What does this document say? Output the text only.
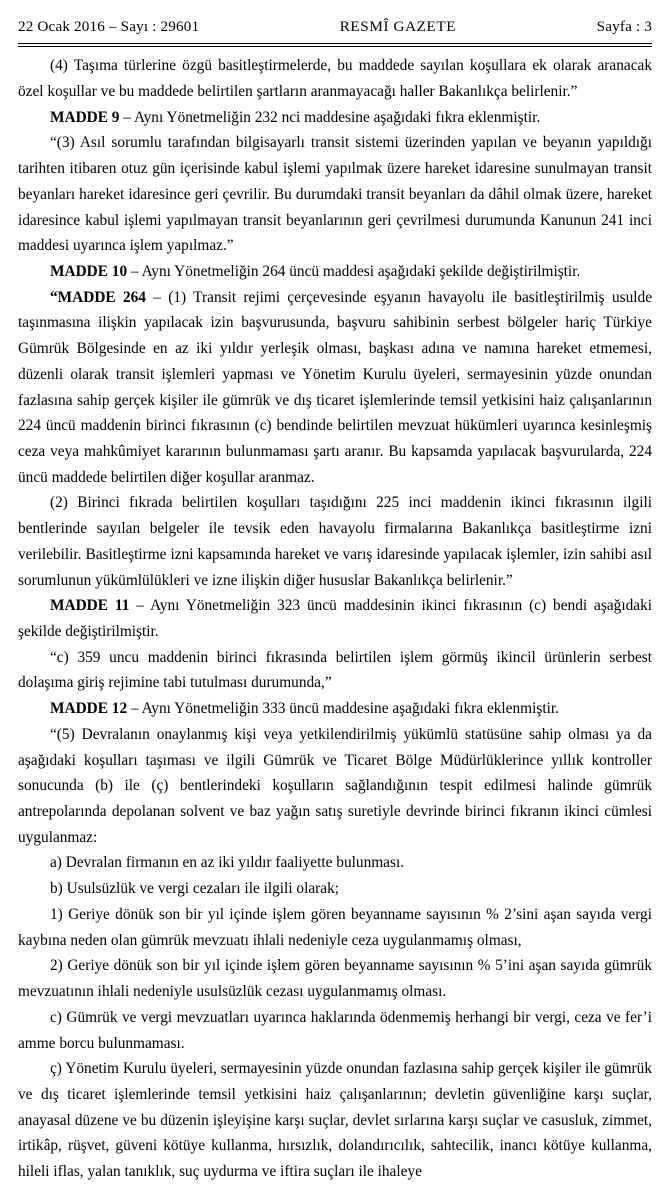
22 Ocak 2016 – Sayı : 29601	RESMÎ GAZETE	Sayfa : 3

(4) Taşıma türlerine özgü basitleştirmelerde, bu maddede sayılan koşullara ek olarak aranacak özel koşullar ve bu maddede belirtilen şartların aranmayacağı haller Bakanlıkça belirlenir.”

MADDE 9 – Aynı Yönetmeliğin 232 nci maddesine aşağıdaki fıkra eklenmiştir.

“(3) Asıl sorumlu tarafından bilgisayarlı transit sistemi üzerinden yapılan ve beyanın yapıldığı tarihten itibaren otuz gün içerisinde kabul işlemi yapılmak üzere hareket idaresine sunulmayan transit beyanları hareket idaresince geri çevrilir. Bu durumdaki transit beyanları da dâhil olmak üzere, hareket idaresince kabul işlemi yapılmayan transit beyanlarının geri çevrilmesi durumunda Kanunun 241 inci maddesi uyarınca işlem yapılmaz.”

MADDE 10 – Aynı Yönetmeliğin 264 üncü maddesi aşağıdaki şekilde değiştirilmiştir.

“MADDE 264 – (1) Transit rejimi çerçevesinde eşyanın havayolu ile basitleştirilmiş usulde taşınmasına ilişkin yapılacak izin başvurusunda, başvuru sahibinin serbest bölgeler hariç Türkiye Gümrük Bölgesinde en az iki yıldır yerleşik olması, başkası adına ve namına hareket etmemesi, düzenli olarak transit işlemleri yapması ve Yönetim Kurulu üyeleri, sermayesinin yüzde onundan fazlasına sahip gerçek kişiler ile gümrük ve dış ticaret işlemlerinde temsil yetkisini haiz çalışanlarının 224 üncü maddenin birinci fıkrasının (c) bendinde belirtilen mevzuat hükümleri uyarınca kesinleşmiş ceza veya mahkûmiyet kararının bulunmaması şartı aranır. Bu kapsamda yapılacak başvurularda, 224 üncü maddede belirtilen diğer koşullar aranmaz.

(2) Birinci fıkrada belirtilen koşulları taşıdığını 225 inci maddenin ikinci fıkrasının ilgili bentlerinde sayılan belgeler ile tevsik eden havayolu firmalarına Bakanlıkça basitleştirme izni verilebilir. Basitleştirme izni kapsamında hareket ve varış idaresinde yapılacak işlemler, izin sahibi asıl sorumlunun yükümlülükleri ve izne ilişkin diğer hususlar Bakanlıkça belirlenir.”

MADDE 11 – Aynı Yönetmeliğin 323 üncü maddesinin ikinci fıkrasının (c) bendi aşağıdaki şekilde değiştirilmiştir.

“c) 359 uncu maddenin birinci fıkrasında belirtilen işlem görmüş ikincil ürünlerin serbest dolaşıma giriş rejimine tabi tutulması durumunda,”

MADDE 12 – Aynı Yönetmeliğin 333 üncü maddesine aşağıdaki fıkra eklenmiştir.

“(5) Devralanın onaylanmış kişi veya yetkilendirilmiş yükümlü statüsüne sahip olması ya da aşağıdaki koşulları taşıması ve ilgili Gümrük ve Ticaret Bölge Müdürlüklerince yıllık kontroller sonucunda (b) ile (ç) bentlerindeki koşulların sağlandığının tespit edilmesi halinde gümrük antrepolarında depolanan solvent ve baz yağın satış suretiyle devrinde birinci fıkranın ikinci cümlesi uygulanmaz:

a) Devralan firmanın en az iki yıldır faaliyette bulunması.

b) Usulsüzlük ve vergi cezaları ile ilgili olarak;

1) Geriye dönük son bir yıl içinde işlem gören beyanname sayısının % 2’sini aşan sayıda vergi kaybına neden olan gümrük mevzuatı ihlali nedeniyle ceza uygulanmamış olması,

2) Geriye dönük son bir yıl içinde işlem gören beyanname sayısının % 5’ini aşan sayıda gümrük mevzuatının ihlali nedeniyle usulsüzlük cezası uygulanmamış olması.

c) Gümrük ve vergi mevzuatları uyarınca haklarında ödenmemiş herhangi bir vergi, ceza ve fer’i amme borcu bulunmaması.

ç) Yönetim Kurulu üyeleri, sermayesinin yüzde onundan fazlasına sahip gerçek kişiler ile gümrük ve dış ticaret işlemlerinde temsil yetkisini haiz çalışanlarının; devletin güvenliğine karşı suçlar, anayasal düzene ve bu düzenin işleyişine karşı suçlar, devlet sırlarına karşı suçlar ve casusluk, zimmet, irtikâp, rüşvet, güveni kötüye kullanma, hırsızlık, dolandırıcılık, sahtecilik, inancı kötüye kullanma, hileli iflas, yalan tanıklık, suç uydurma ve iftira suçları ile ihaleye
